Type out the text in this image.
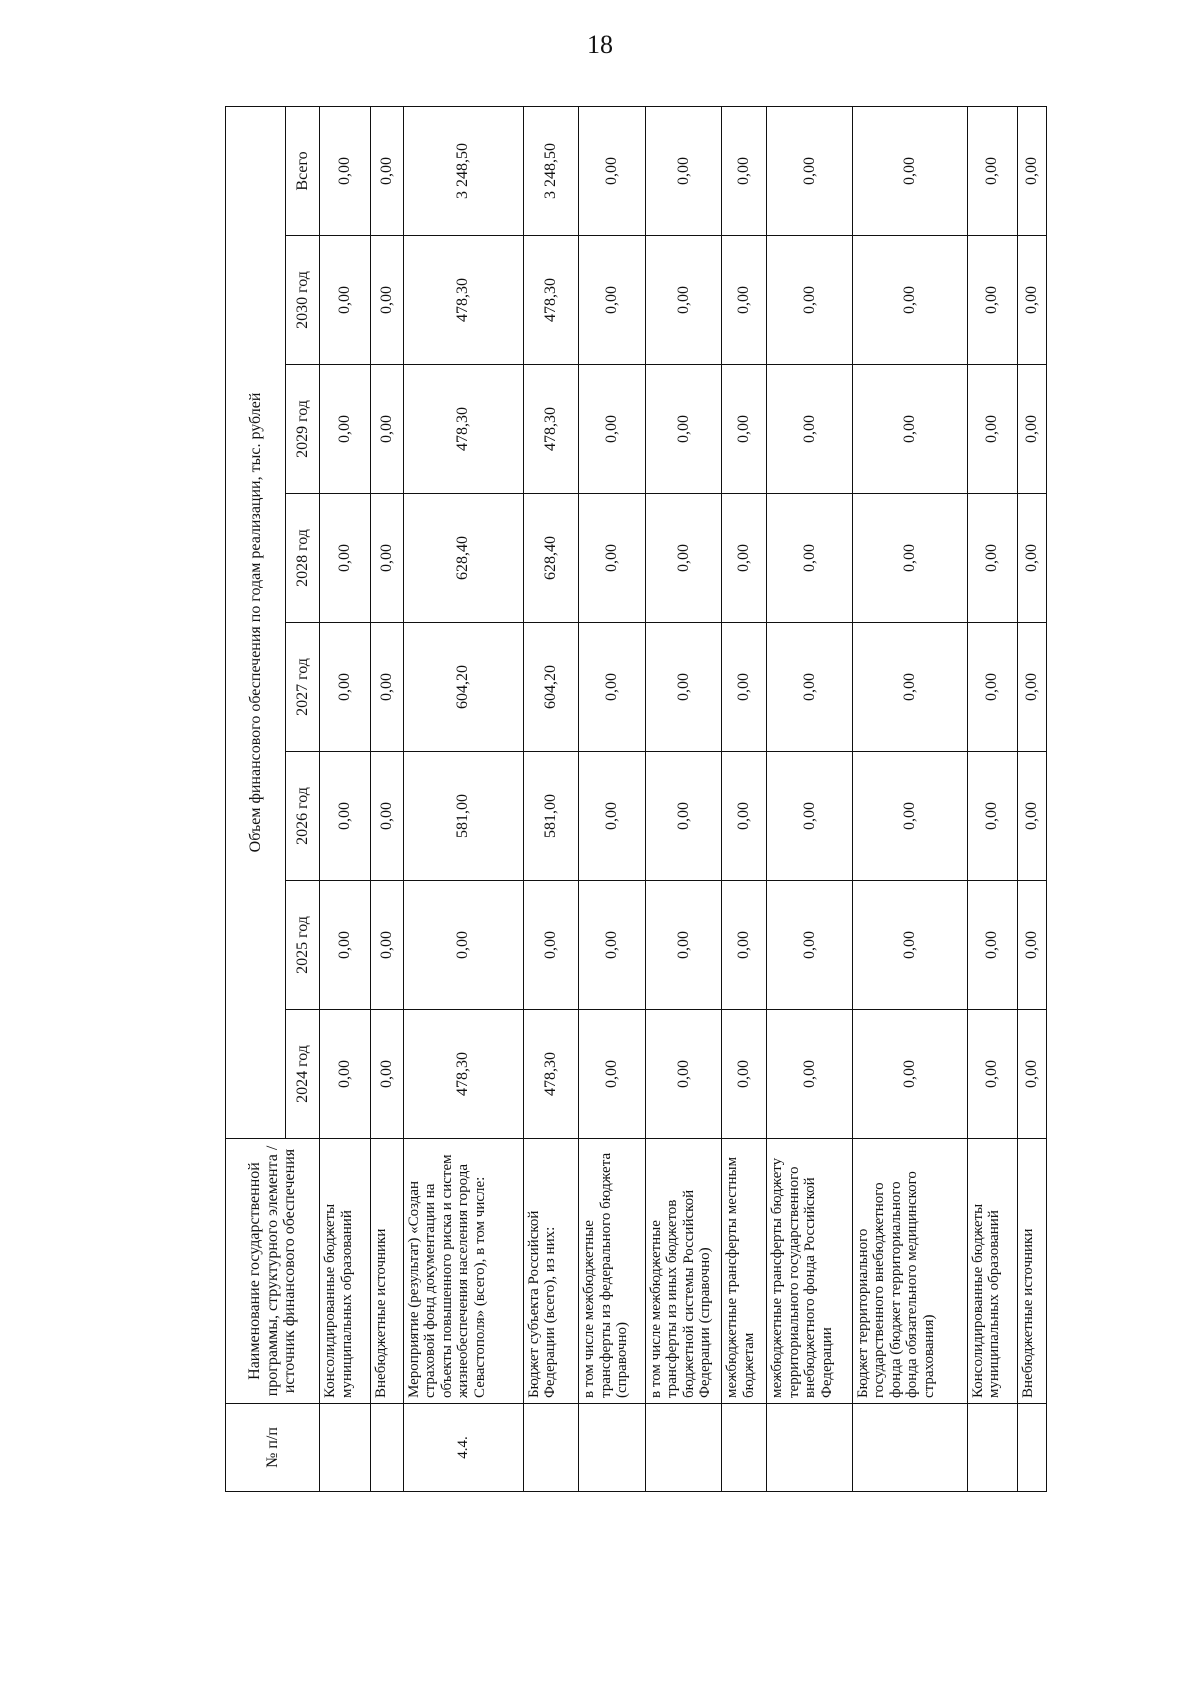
18
№ п/п	Наименование государственной программы, структурного элемента / источник финансового обеспечения	Объем финансового обеспечения по годам реализации, тыс. рублей							
		2024 год	2025 год	2026 год	2027 год	2028 год	2029 год	2030 год	Всего
	Консолидированные бюджеты муниципальных образований	0,00	0,00	0,00	0,00	0,00	0,00	0,00	0,00
	Внебюджетные источники	0,00	0,00	0,00	0,00	0,00	0,00	0,00	0,00
4.4.	Мероприятие (результат) «Создан страховой фонд документации на объекты повышенного риска и систем жизнеобеспечения населения города Севастополя» (всего), в том числе:	478,30	0,00	581,00	604,20	628,40	478,30	478,30	3 248,50
	Бюджет субъекта Российской Федерации (всего), из них:	478,30	0,00	581,00	604,20	628,40	478,30	478,30	3 248,50
	в том числе межбюджетные трансферты из федерального бюджета (справочно)	0,00	0,00	0,00	0,00	0,00	0,00	0,00	0,00
	в том числе межбюджетные трансферты из иных бюджетов бюджетной системы Российской Федерации (справочно)	0,00	0,00	0,00	0,00	0,00	0,00	0,00	0,00
	межбюджетные трансферты местным бюджетам	0,00	0,00	0,00	0,00	0,00	0,00	0,00	0,00
	межбюджетные трансферты бюджету территориального государственного внебюджетного фонда Российской Федерации	0,00	0,00	0,00	0,00	0,00	0,00	0,00	0,00
	Бюджет территориального государственного внебюджетного фонда (бюджет территориального фонда обязательного медицинского страхования)	0,00	0,00	0,00	0,00	0,00	0,00	0,00	0,00
	Консолидированные бюджеты муниципальных образований	0,00	0,00	0,00	0,00	0,00	0,00	0,00	0,00
	Внебюджетные источники	0,00	0,00	0,00	0,00	0,00	0,00	0,00	0,00
